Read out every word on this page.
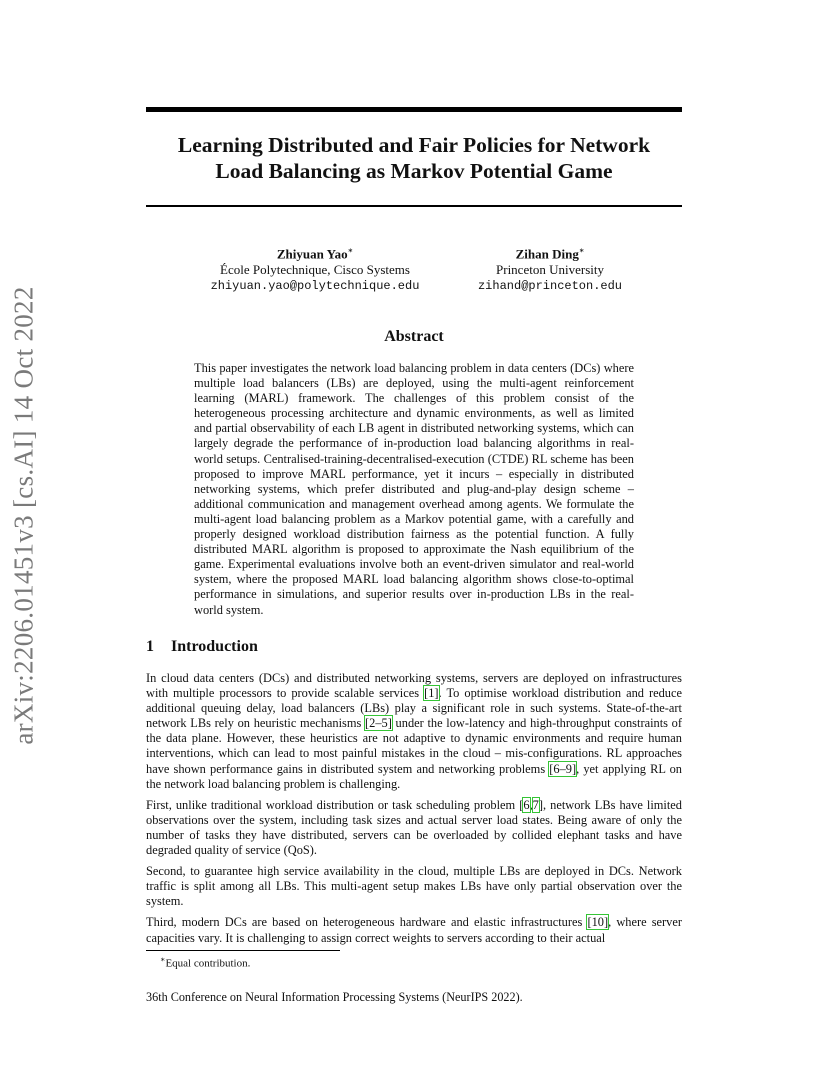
arXiv:2206.01451v3 [cs.AI] 14 Oct 2022
Learning Distributed and Fair Policies for Network
Load Balancing as Markov Potential Game
Zhiyuan Yao∗
École Polytechnique, Cisco Systems
zhiyuan.yao@polytechnique.edu
Zihan Ding∗
Princeton University
zihand@princeton.edu
Abstract
This paper investigates the network load balancing problem in data centers (DCs) where multiple load balancers (LBs) are deployed, using the multi-agent reinforcement learning (MARL) framework. The challenges of this problem consist of the heterogeneous processing architecture and dynamic environments, as well as limited and partial observability of each LB agent in distributed networking systems, which can largely degrade the performance of in-production load balancing algorithms in real-world setups. Centralised-training-decentralised-execution (CTDE) RL scheme has been proposed to improve MARL performance, yet it incurs – especially in distributed networking systems, which prefer distributed and plug-and-play design scheme – additional communication and management overhead among agents. We formulate the multi-agent load balancing problem as a Markov potential game, with a carefully and properly designed workload distribution fairness as the potential function. A fully distributed MARL algorithm is proposed to approximate the Nash equilibrium of the game. Experimental evaluations involve both an event-driven simulator and real-world system, where the proposed MARL load balancing algorithm shows close-to-optimal performance in simulations, and superior results over in-production LBs in the real-world system.
1 Introduction

In cloud data centers (DCs) and distributed networking systems, servers are deployed on infrastructures with multiple processors to provide scalable services [1]. To optimise workload distribution and reduce additional queuing delay, load balancers (LBs) play a significant role in such systems. State-of-the-art network LBs rely on heuristic mechanisms [2–5] under the low-latency and high-throughput constraints of the data plane. However, these heuristics are not adaptive to dynamic environments and require human interventions, which can lead to most painful mistakes in the cloud – mis-configurations. RL approaches have shown performance gains in distributed system and networking problems [6–9], yet applying RL on the network load balancing problem is challenging.

First, unlike traditional workload distribution or task scheduling problem [6,7], network LBs have limited observations over the system, including task sizes and actual server load states. Being aware of only the number of tasks they have distributed, servers can be overloaded by collided elephant tasks and have degraded quality of service (QoS).

Second, to guarantee high service availability in the cloud, multiple LBs are deployed in DCs. Network traffic is split among all LBs. This multi-agent setup makes LBs have only partial observation over the system.

Third, modern DCs are based on heterogeneous hardware and elastic infrastructures [10], where server capacities vary. It is challenging to assign correct weights to servers according to their actual

∗Equal contribution.
36th Conference on Neural Information Processing Systems (NeurIPS 2022).
